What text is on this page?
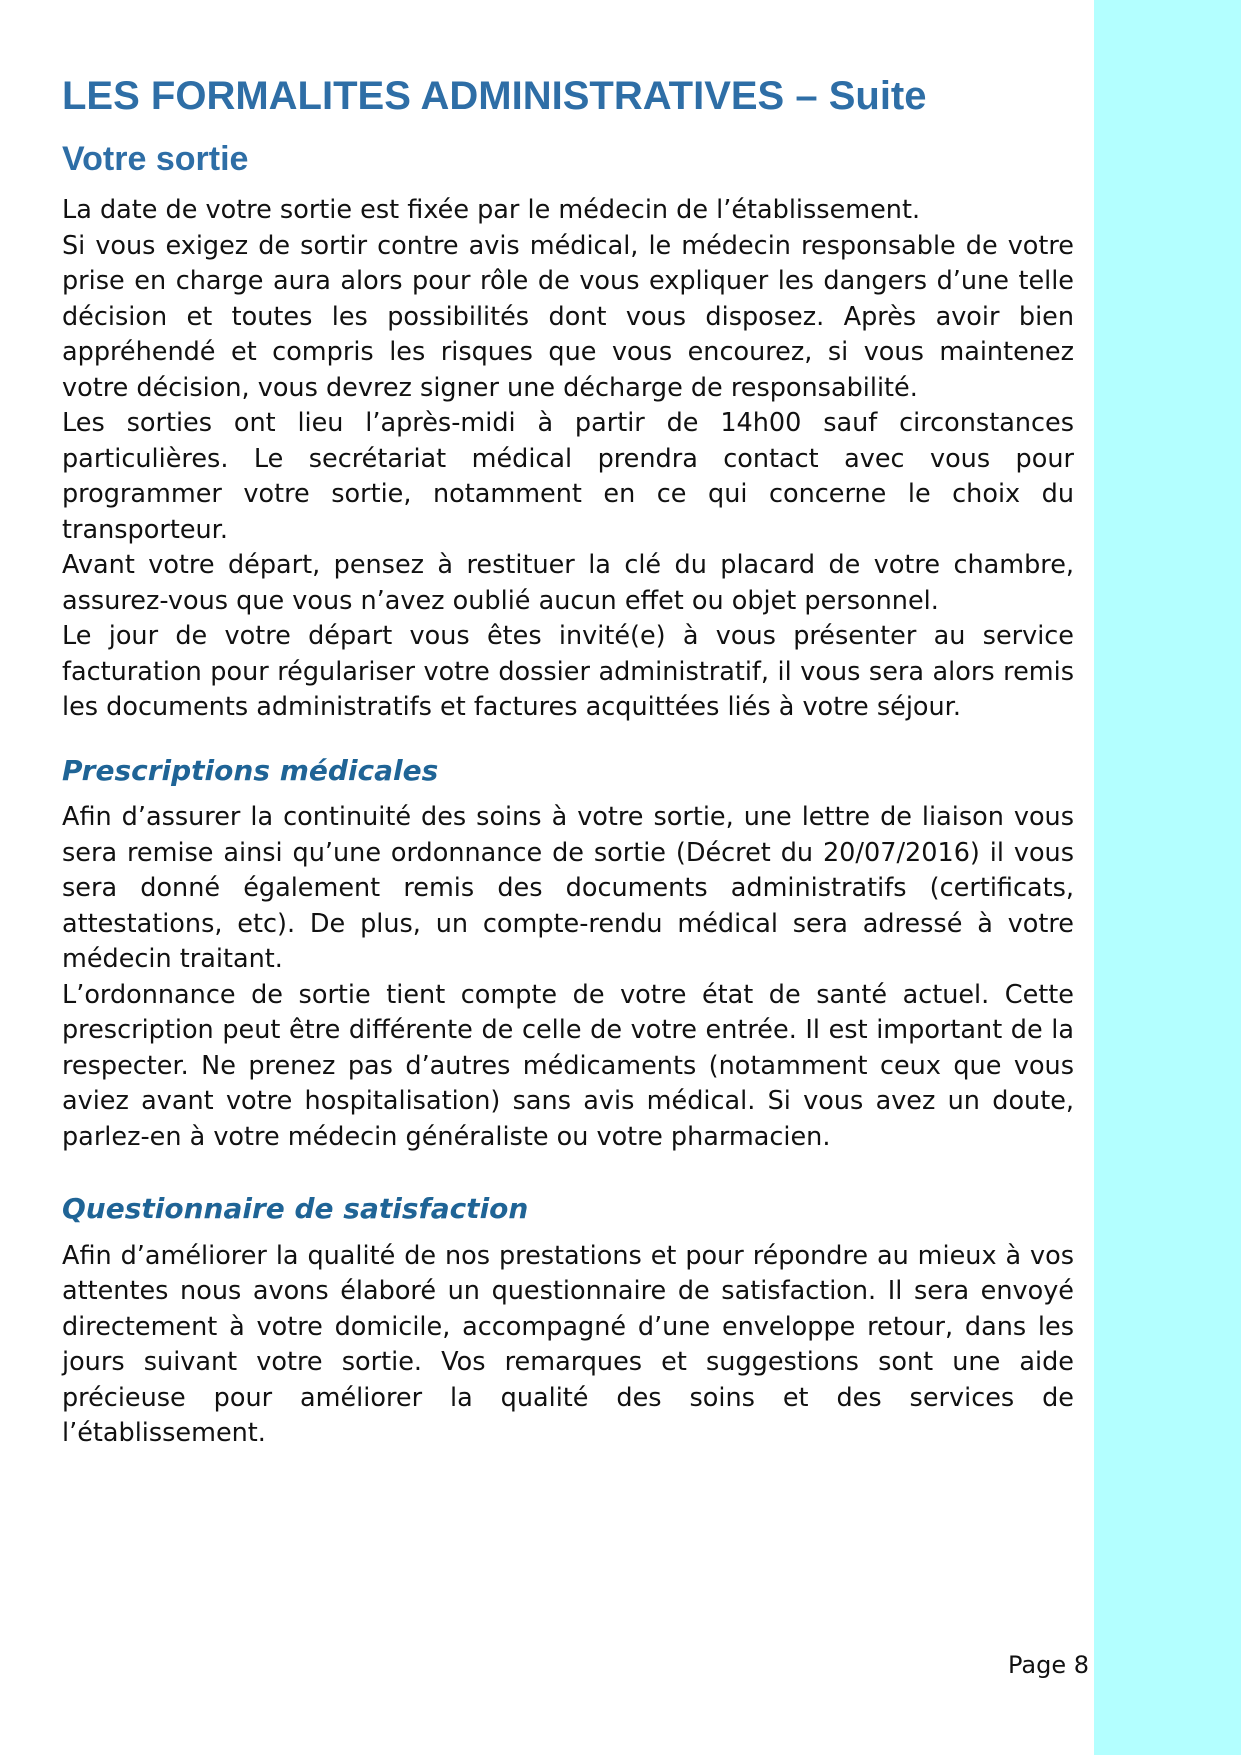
LES FORMALITES ADMINISTRATIVES – Suite
Votre sortie

La date de votre sortie est fixée par le médecin de l’établissement.

Si vous exigez de sortir contre avis médical, le médecin responsable de votre prise en charge aura alors pour rôle de vous expliquer les dangers d’une telle décision et toutes les possibilités dont vous disposez. Après avoir bien appréhendé et compris les risques que vous encourez, si vous maintenez votre décision, vous devrez signer une décharge de responsabilité.

Les sorties ont lieu l’après-midi à partir de 14h00 sauf circonstances particulières. Le secrétariat médical prendra contact avec vous pour programmer votre sortie, notamment en ce qui concerne le choix du transporteur.

Avant votre départ, pensez à restituer la clé du placard de votre chambre, assurez-vous que vous n’avez oublié aucun effet ou objet personnel.

Le jour de votre départ vous êtes invité(e) à vous présenter au service facturation pour régulariser votre dossier administratif, il vous sera alors remis les documents administratifs et factures acquittées liés à votre séjour.

Prescriptions médicales

Afin d’assurer la continuité des soins à votre sortie, une lettre de liaison vous sera remise ainsi qu’une ordonnance de sortie (Décret du 20/07/2016) il vous sera donné également remis des documents administratifs (certificats, attestations, etc). De plus, un compte-rendu médical sera adressé à votre médecin traitant.

L’ordonnance de sortie tient compte de votre état de santé actuel. Cette prescription peut être différente de celle de votre entrée. Il est important de la respecter. Ne prenez pas d’autres médicaments (notamment ceux que vous aviez avant votre hospitalisation) sans avis médical. Si vous avez un doute, parlez-en à votre médecin généraliste ou votre pharmacien.

Questionnaire de satisfaction

Afin d’améliorer la qualité de nos prestations et pour répondre au mieux à vos attentes nous avons élaboré un questionnaire de satisfaction. Il sera envoyé directement à votre domicile, accompagné d’une enveloppe retour, dans les jours suivant votre sortie. Vos remarques et suggestions sont une aide précieuse pour améliorer la qualité des soins et des services de l’établissement.

Page 8
